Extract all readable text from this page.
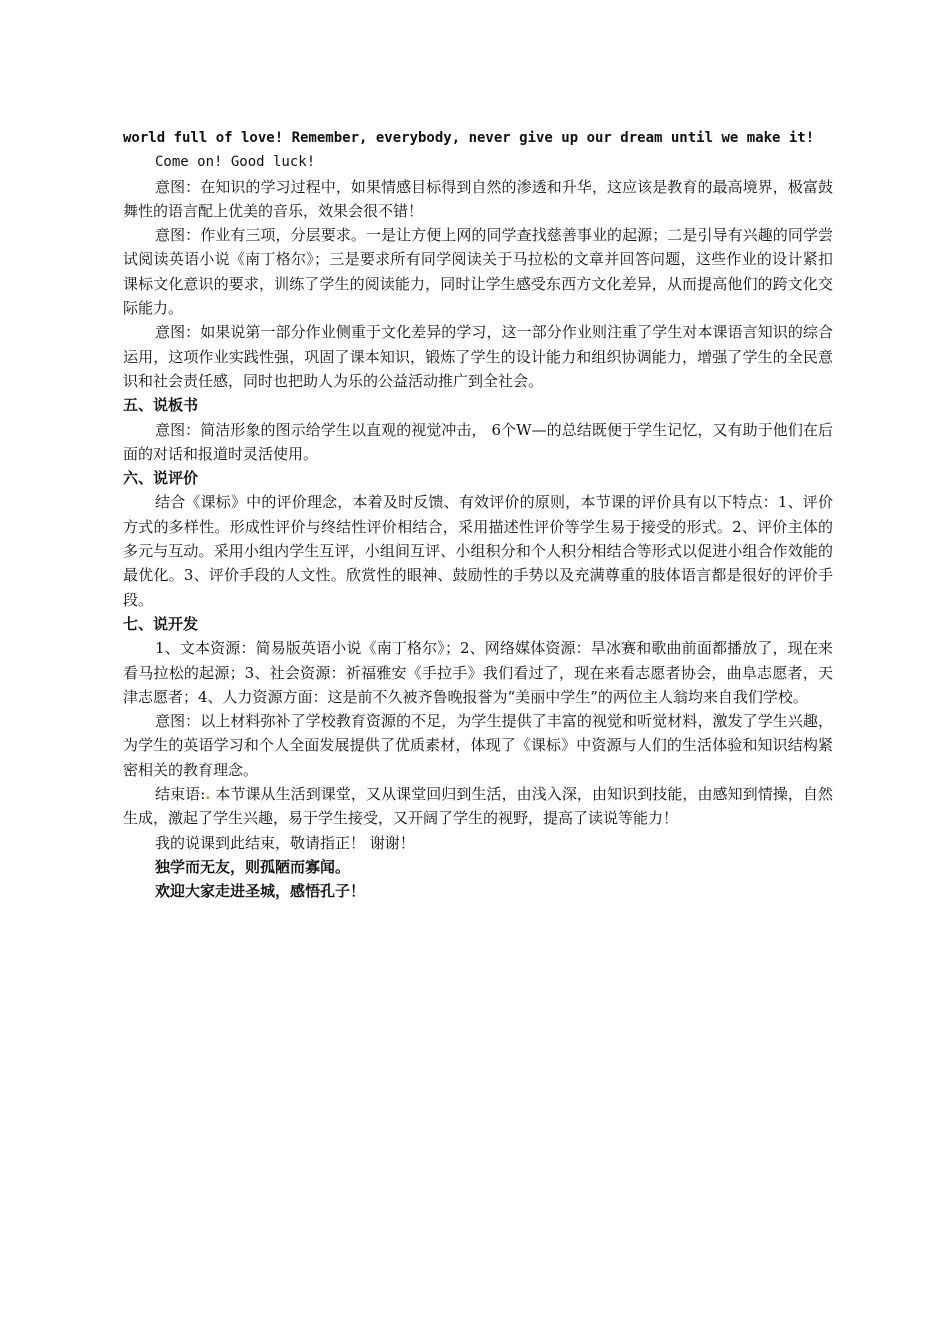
world full of love! Remember, everybody, never give up our dream until we make it!

Come on! Good luck!

意图：在知识的学习过程中，如果情感目标得到自然的渗透和升华，这应该是教育的最高境界，极富鼓舞性的语言配上优美的音乐，效果会很不错！

意图：作业有三项，分层要求。一是让方便上网的同学查找慈善事业的起源；二是引导有兴趣的同学尝试阅读英语小说《南丁格尔》；三是要求所有同学阅读关于马拉松的文章并回答问题，这些作业的设计紧扣课标文化意识的要求，训练了学生的阅读能力，同时让学生感受东西方文化差异，从而提高他们的跨文化交际能力。

意图：如果说第一部分作业侧重于文化差异的学习，这一部分作业则注重了学生对本课语言知识的综合运用，这项作业实践性强，巩固了课本知识，锻炼了学生的设计能力和组织协调能力，增强了学生的全民意识和社会责任感，同时也把助人为乐的公益活动推广到全社会。

五、说板书

意图：简洁形象的图示给学生以直观的视觉冲击， 6个W—的总结既便于学生记忆，又有助于他们在后面的对话和报道时灵活使用。

六、说评价

结合《课标》中的评价理念，本着及时反馈、有效评价的原则，本节课的评价具有以下特点：1、评价方式的多样性。形成性评价与终结性评价相结合，采用描述性评价等学生易于接受的形式。2、评价主体的多元与互动。采用小组内学生互评，小组间互评、小组积分和个人积分相结合等形式以促进小组合作效能的最优化。3、评价手段的人文性。欣赏性的眼神、鼓励性的手势以及充满尊重的肢体语言都是很好的评价手段。

七、说开发

1、文本资源：简易版英语小说《南丁格尔》；2、网络媒体资源：旱冰赛和歌曲前面都播放了，现在来看马拉松的起源；3、社会资源：祈福雅安《手拉手》我们看过了，现在来看志愿者协会，曲阜志愿者，天津志愿者；4、人力资源方面：这是前不久被齐鲁晚报誉为“美丽中学生”的两位主人翁均来自我们学校。

意图：以上材料弥补了学校教育资源的不足，为学生提供了丰富的视觉和听觉材料，激发了学生兴趣，为学生的英语学习和个人全面发展提供了优质素材，体现了《课标》中资源与人们的生活体验和知识结构紧密相关的教育理念。

结束语:. 本节课从生活到课堂，又从课堂回归到生活，由浅入深，由知识到技能，由感知到情操，自然生成，激起了学生兴趣，易于学生接受，又开阔了学生的视野，提高了读说等能力！

我的说课到此结束，敬请指正！ 谢谢！

独学而无友，则孤陋而寡闻。

欢迎大家走进圣城，感悟孔子！
